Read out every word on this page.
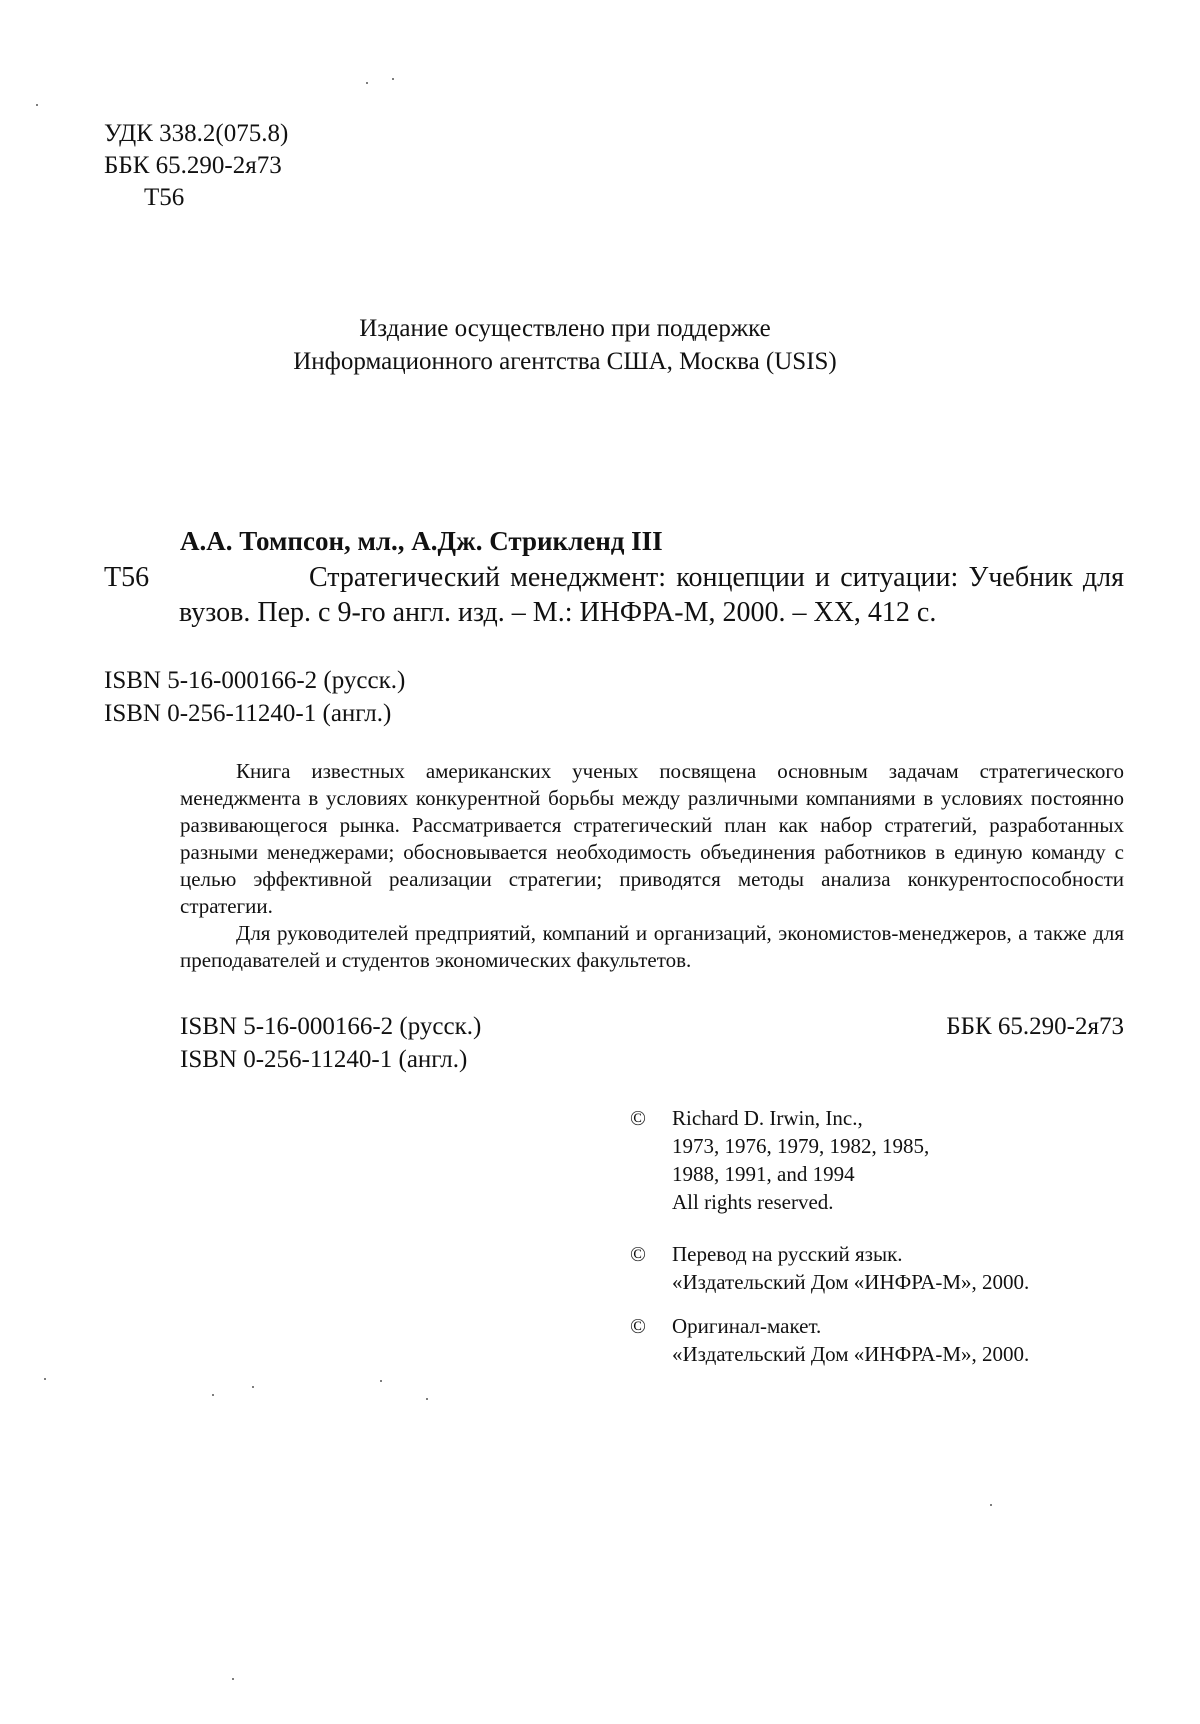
УДК 338.2(075.8)
ББК 65.290-2я73
Т56
Издание осуществлено при поддержке
Информационного агентства США, Москва (USIS)
А.А. Томпсон, мл., А.Дж. Стрикленд III
Т56	Стратегический менеджмент: концепции и ситуации: Учебник для вузов. Пер. с 9-го англ. изд. – М.: ИНФРА-М, 2000. – XX, 412 с.

ISBN 5-16-000166-2 (русск.)
ISBN 0-256-11240-1 (англ.)

Книга известных американских ученых посвящена основным задачам стратегического менеджмента в условиях конкурентной борьбы между различными компаниями в условиях постоянно развивающегося рынка. Рассматривается стратегический план как набор стратегий, разработанных разными менеджерами; обосновывается необходимость объединения работников в единую команду с целью эффективной реализации стратегии; приводятся методы анализа конкурентоспособности стратегии.

Для руководителей предприятий, компаний и организаций, экономистов-менеджеров, а также для преподавателей и студентов экономических факультетов.

ISBN 5-16-000166-2 (русск.)
ISBN 0-256-11240-1 (англ.)
ББК 65.290-2я73
© Richard D. Irwin, Inc.,
1973, 1976, 1979, 1982, 1985,
1988, 1991, and 1994
All rights reserved.
© Перевод на русский язык.
«Издательский Дом «ИНФРА-М», 2000.
© Оригинал-макет.
«Издательский Дом «ИНФРА-М», 2000.
